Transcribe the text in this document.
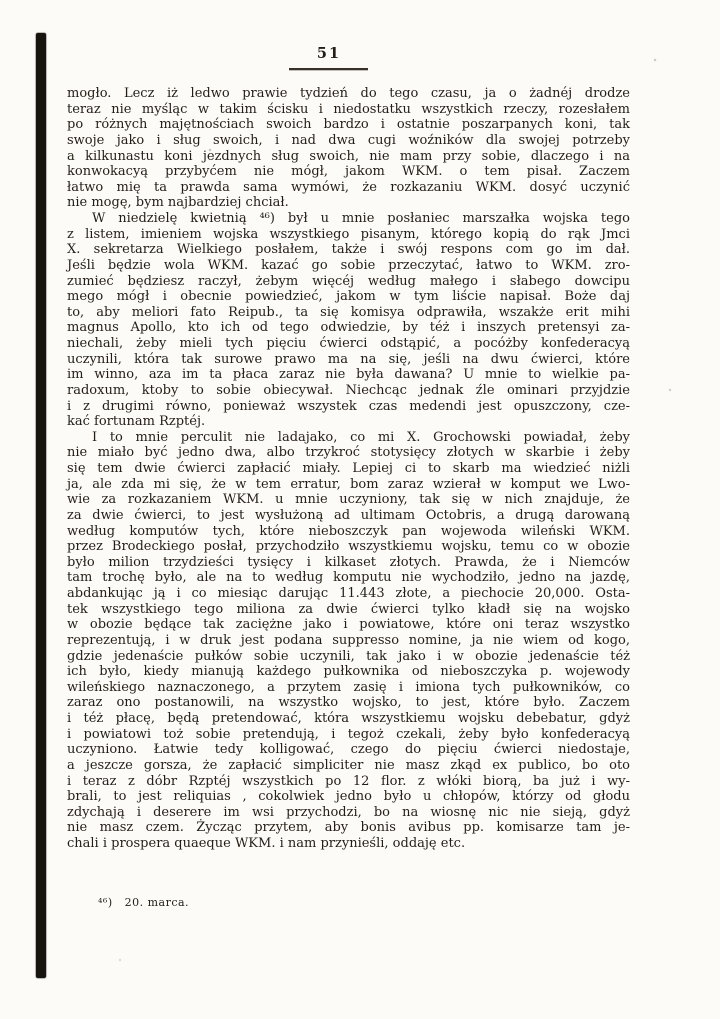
51
mogło. Lecz iż ledwo prawie tydzień do tego czasu, ja o żadnéj drodze
teraz nie myśląc w takim ścisku i niedostatku wszystkich rzeczy, rozesłałem
po różnych majętnościach swoich bardzo i ostatnie poszarpanych koni, tak
swoje jako i sług swoich, i nad dwa cugi woźników dla swojej potrzeby
a kilkunastu koni jezdnych sług swoich, nie mam przy sobie, dlaczego i na
konwokacyą przybyćem nie mógł, jakom WKM. o tem pisał. Zaczem
łatwo mię ta prawda sama wymówi, że rozkazaniu WKM. dosyć uczynić
nie mogę, bym najbardziej chciał.
W niedzielę kwietnią ⁴⁶) był u mnie posłaniec marszałka wojska tego
z listem, imieniem wojska wszystkiego pisanym, którego kopią do rąk Jmci
X. sekretarza Wielkiego posłałem, także i swój respons com go im dał.
Jeśli będzie wola WKM. kazać go sobie przeczytać, łatwo to WKM. zro-
zumieć będziesz raczył, żebym więcéj według małego i słabego dowcipu
mego mógł i obecnie powiedzieć, jakom w tym liście napisał. Boże daj
to, aby meliori fato Reipub., ta się komisya odprawiła, wszakże erit mihi
magnus Apollo, kto ich od tego odwiedzie, by téż i inszych pretensyi za-
niechali, żeby mieli tych pięciu ćwierci odstąpić, a pocóżby konfederacyą
uczynili, która tak surowe prawo ma na się, jeśli na dwu ćwierci, które
im winno, aza im ta płaca zaraz nie była dawana? U mnie to wielkie pa-
radoxum, ktoby to sobie obiecywał. Niechcąc jednak źle ominari przyjdzie
i z drugimi równo, ponieważ wszystek czas medendi jest opuszczony, cze-
kać fortunam Rzptéj.
I to mnie perculit nie ladajako, co mi X. Grochowski powiadał, żeby
nie miało być jedno dwa, albo trzykroć stotysięcy złotych w skarbie i żeby
się tem dwie ćwierci zapłacić miały. Lepiej ci to skarb ma wiedzieć niżli
ja, ale zda mi się, że w tem erratur, bom zaraz wzierał w komput we Lwo-
wie za rozkazaniem WKM. u mnie uczyniony, tak się w nich znajduje, że
za dwie ćwierci, to jest wysłużoną ad ultimam Octobris, a drugą darowaną
według komputów tych, które nieboszczyk pan wojewoda wileński WKM.
przez Brodeckiego posłał, przychodziło wszystkiemu wojsku, temu co w obozie
było milion trzydzieści tysięcy i kilkaset złotych. Prawda, że i Niemców
tam trochę było, ale na to według komputu nie wychodziło, jedno na jazdę,
abdankując ją i co miesiąc darując 11.443 złote, a piechocie 20,000. Osta-
tek wszystkiego tego miliona za dwie ćwierci tylko kładł się na wojsko
w obozie będące tak zaciężne jako i powiatowe, które oni teraz wszystko
reprezentują, i w druk jest podana suppresso nomine, ja nie wiem od kogo,
gdzie jedenaście pułków sobie uczynili, tak jako i w obozie jedenaście téż
ich było, kiedy mianują każdego pułkownika od nieboszczyka p. wojewody
wileńskiego naznaczonego, a przytem zasię i imiona tych pułkowników, co
zaraz ono postanowili, na wszystko wojsko, to jest, które było. Zaczem
i téż płacę, będą pretendować, która wszystkiemu wojsku debebatur, gdyż
i powiatowi toż sobie pretendują, i tegoż czekali, żeby było konfederacyą
uczyniono. Łatwie tedy kolligować, czego do pięciu ćwierci niedostaje,
a jeszcze gorsza, że zapłacić simpliciter nie masz zkąd ex publico, bo oto
i teraz z dóbr Rzptéj wszystkich po 12 flor. z włóki biorą, ba już i wy-
brali, to jest reliquias , cokolwiek jedno było u chłopów, którzy od głodu
zdychają i deserere im wsi przychodzi, bo na wiosnę nic nie sieją, gdyż
nie masz czem. Życząc przytem, aby bonis avibus pp. komisarze tam je-
chali i prospera quaeque WKM. i nam przynieśli, oddaję etc.
⁴⁶)   20. marca.
